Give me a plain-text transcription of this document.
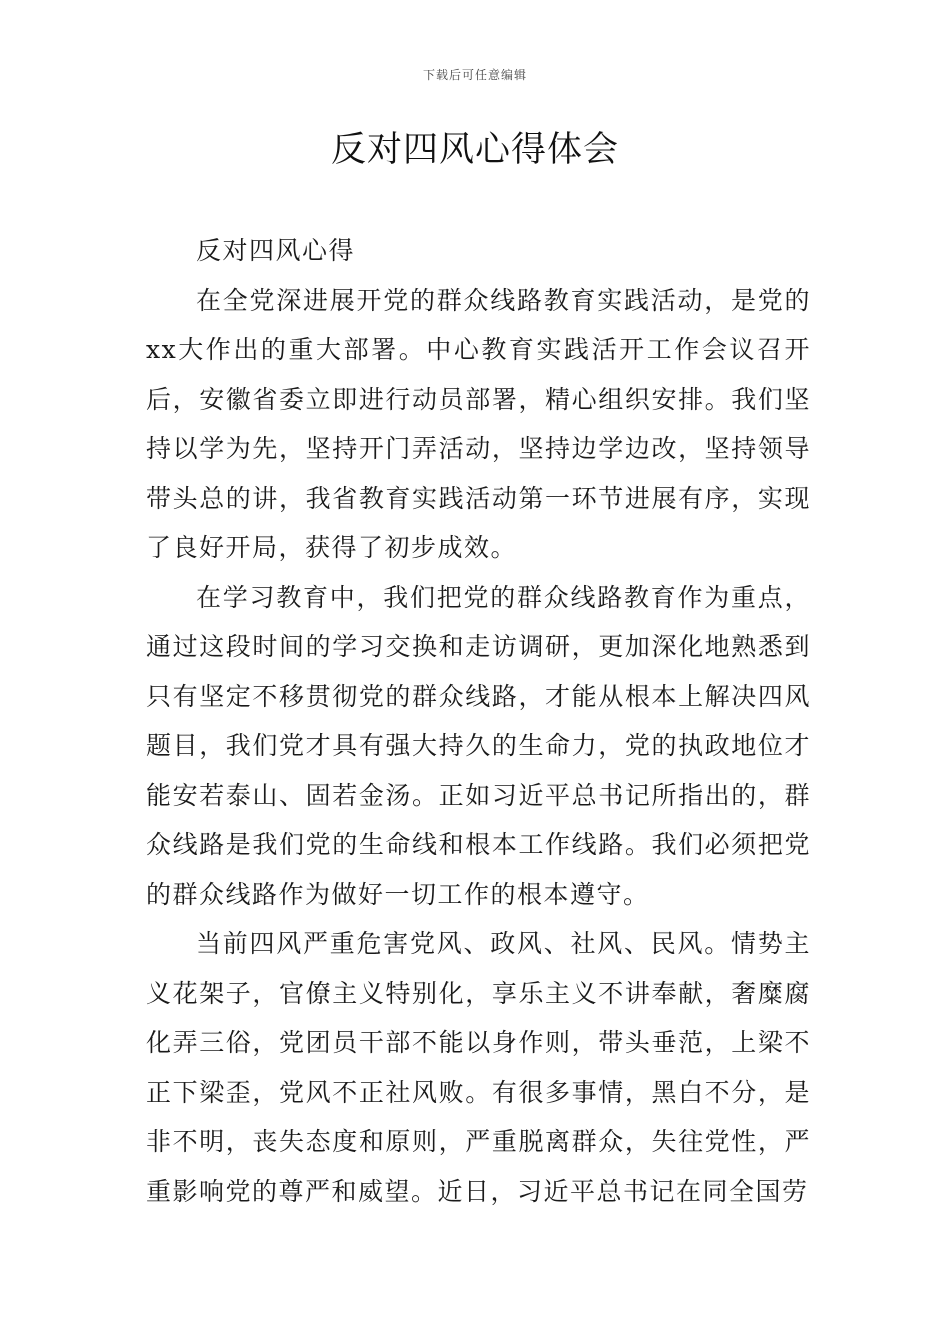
下载后可任意编辑
反对四风心得体会

反对四风心得

在全党深进展开党的群众线路教育实践活动，是党的xx大作出的重大部署。中心教育实践活开工作会议召开后，安徽省委立即进行动员部署，精心组织安排。我们坚持以学为先，坚持开门弄活动，坚持边学边改，坚持领导带头总的讲，我省教育实践活动第一环节进展有序，实现了良好开局，获得了初步成效。

在学习教育中，我们把党的群众线路教育作为重点，通过这段时间的学习交换和走访调研，更加深化地熟悉到只有坚定不移贯彻党的群众线路，才能从根本上解决四风题目，我们党才具有强大持久的生命力，党的执政地位才能安若泰山、固若金汤。正如习近平总书记所指出的，群众线路是我们党的生命线和根本工作线路。我们必须把党的群众线路作为做好一切工作的根本遵守。

当前四风严重危害党风、政风、社风、民风。情势主义花架子，官僚主义特别化，享乐主义不讲奉献，奢糜腐化弄三俗，党团员干部不能以身作则，带头垂范，上梁不正下梁歪，党风不正社风败。有很多事情，黑白不分，是非不明，丧失态度和原则，严重脱离群众，失往党性，严重影响党的尊严和威望。近日，习近平总书记在同全国劳
